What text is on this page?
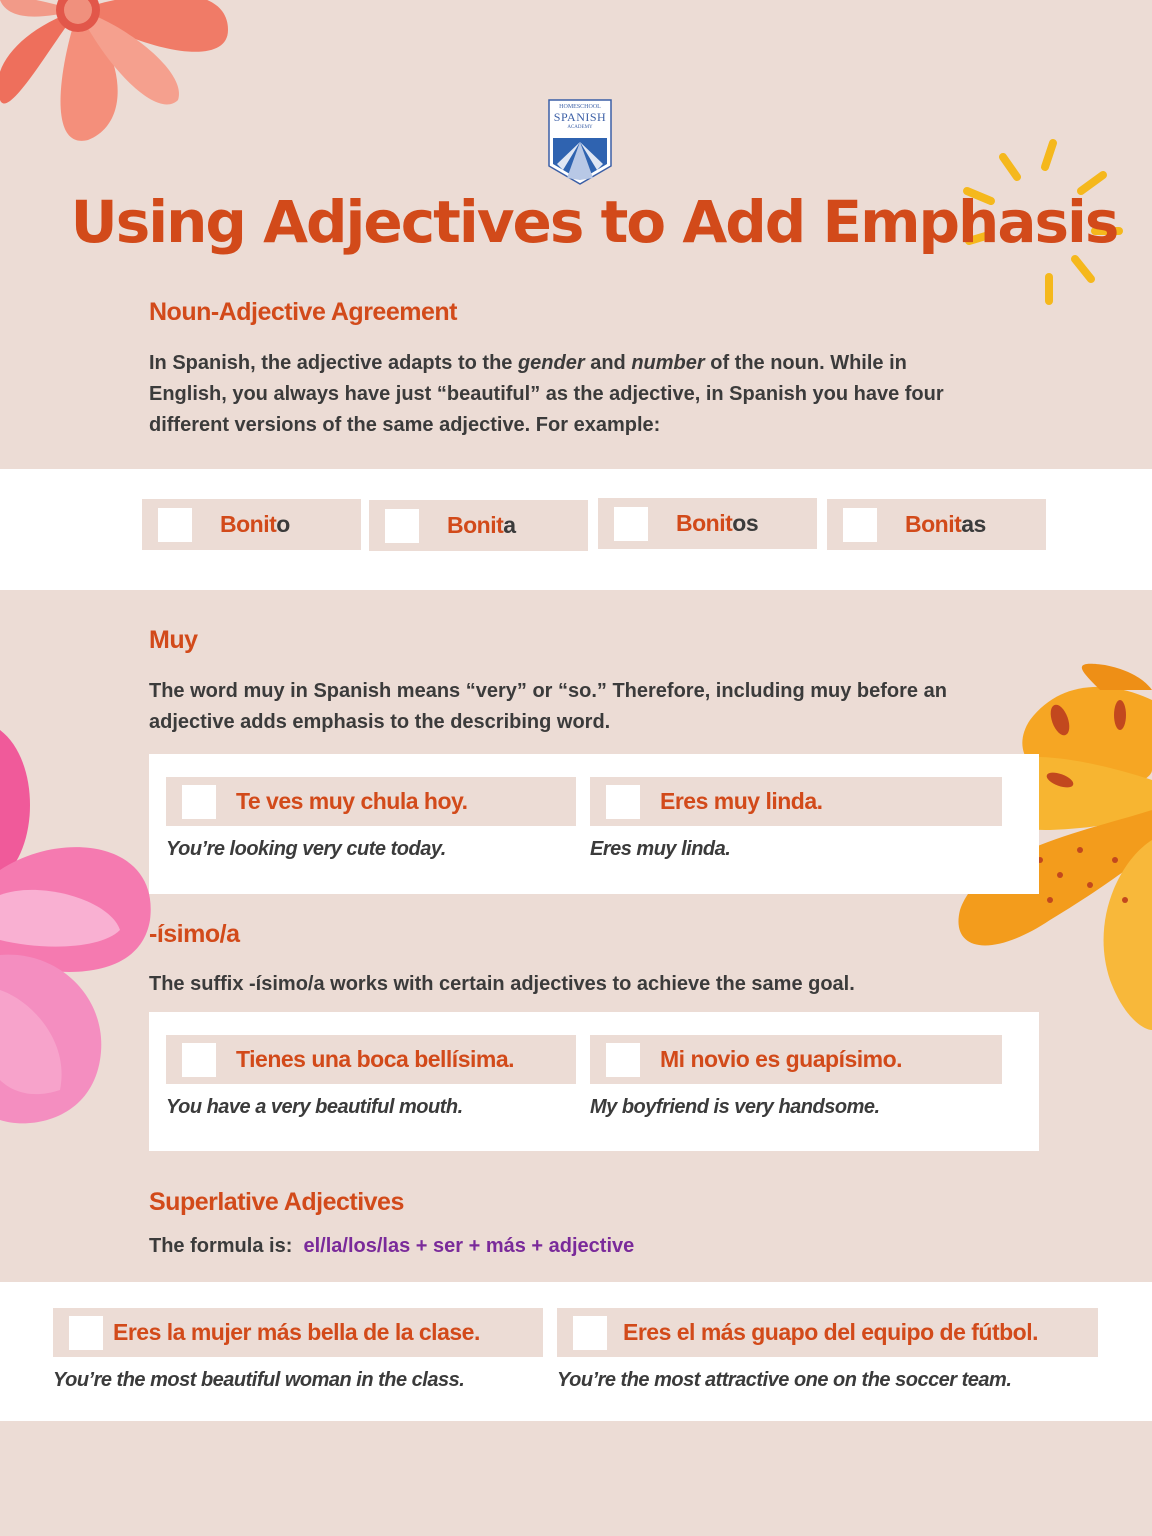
HOMESCHOOL
SPANISH
ACADEMY
Using Adjectives to Add Emphasis
Noun-Adjective Agreement
In Spanish, the adjective adapts to the gender and number of the noun. While in English, you always have just “beautiful” as the adjective, in Spanish you have four different versions of the same adjective. For example:
Bonito	Bonita	Bonitos	Bonitas
Muy
The word muy in Spanish means “very” or “so.” Therefore, including muy before an adjective adds emphasis to the describing word.
Te ves muy chula hoy.	Eres muy linda.
You’re looking very cute today.	Eres muy linda.
-ísimo/a
The suffix -ísimo/a works with certain adjectives to achieve the same goal.
Tienes una boca bellísima.	Mi novio es guapísimo.
You have a very beautiful mouth.	My boyfriend is very handsome.
Superlative Adjectives
The formula is: el/la/los/las + ser + más + adjective
Eres la mujer más bella de la clase.	Eres el más guapo del equipo de fútbol.
You’re the most beautiful woman in the class.	You’re the most attractive one on the soccer team.
